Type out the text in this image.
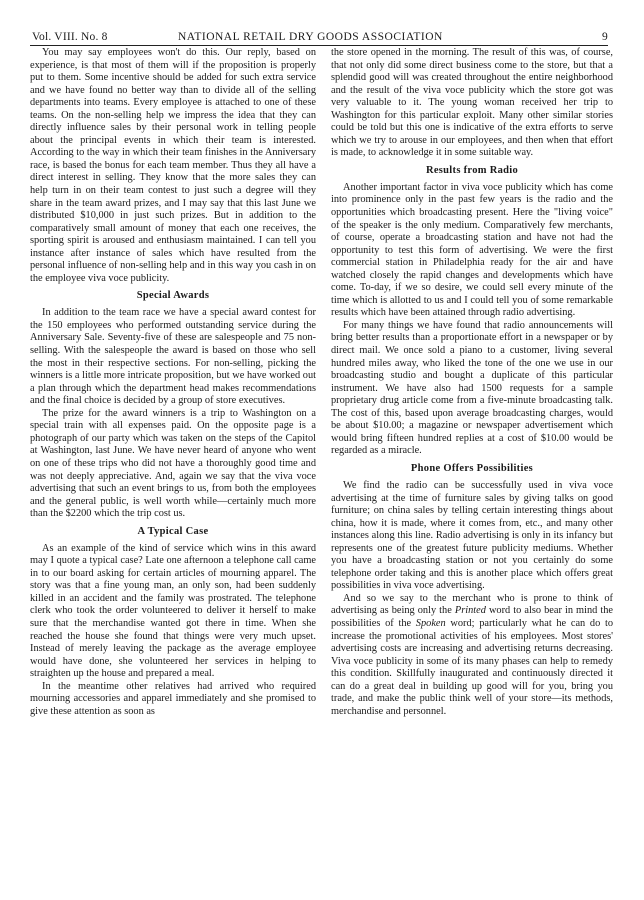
Vol. VIII. No. 8	NATIONAL RETAIL DRY GOODS ASSOCIATION	9

You may say employees won't do this. Our reply, based on experience, is that most of them will if the proposition is properly put to them. Some incentive should be added for such extra service and we have found no better way than to divide all of the selling departments into teams. Every employee is attached to one of these teams. On the non-selling help we impress the idea that they can directly influence sales by their personal work in telling people about the principal events in which their team is interested. According to the way in which their team finishes in the Anniversary race, is based the bonus for each team member. Thus they all have a direct interest in selling. They know that the more sales they can help turn in on their team contest to just such a degree will they share in the team award prizes, and I may say that this last June we distributed $10,000 in just such prizes. But in addition to the comparatively small amount of money that each one receives, the sporting spirit is aroused and enthusiasm maintained. I can tell you instance after instance of sales which have resulted from the personal influence of non-selling help and in this way you cash in on the employee viva voce publicity.

Special Awards

In addition to the team race we have a special award contest for the 150 employees who performed outstanding service during the Anniversary Sale. Seventy-five of these are salespeople and 75 non-selling. With the salespeople the award is based on those who sell the most in their respective sections. For non-selling, picking the winners is a little more intricate proposition, but we have worked out a plan through which the department head makes recommendations and the final choice is decided by a group of store executives.

The prize for the award winners is a trip to Washington on a special train with all expenses paid. On the opposite page is a photograph of our party which was taken on the steps of the Capitol at Washington, last June. We have never heard of anyone who went on one of these trips who did not have a thoroughly good time and was not deeply appreciative. And, again we say that the viva voce advertising that such an event brings to us, from both the employees and the general public, is well worth while—certainly much more than the $2200 which the trip cost us.

A Typical Case

As an example of the kind of service which wins in this award may I quote a typical case? Late one afternoon a telephone call came in to our board asking for certain articles of mourning apparel. The story was that a fine young man, an only son, had been suddenly killed in an accident and the family was prostrated. The telephone clerk who took the order volunteered to deliver it herself to make sure that the merchandise wanted got there in time. When she reached the house she found that things were very much upset. Instead of merely leaving the package as the average employee would have done, she volunteered her services in helping to straighten up the house and prepared a meal.

In the meantime other relatives had arrived who required mourning accessories and apparel immediately and she promised to give these attention as soon as

the store opened in the morning. The result of this was, of course, that not only did some direct business come to the store, but that a splendid good will was created throughout the entire neighborhood and the result of the viva voce publicity which the store got was very valuable to it. The young woman received her trip to Washington for this particular exploit. Many other similar stories could be told but this one is indicative of the extra efforts to serve which we try to arouse in our employees, and then when that effort is made, to acknowledge it in some suitable way.

Results from Radio

Another important factor in viva voce publicity which has come into prominence only in the past few years is the radio and the opportunities which broadcasting present. Here the "living voice" of the speaker is the only medium. Comparatively few merchants, of course, operate a broadcasting station and have not had the opportunity to test this form of advertising. We were the first commercial station in Philadelphia ready for the air and have watched closely the rapid changes and developments which have come. To-day, if we so desire, we could sell every minute of the time which is allotted to us and I could tell you of some remarkable results which have been attained through radio advertising.

For many things we have found that radio announcements will bring better results than a proportionate effort in a newspaper or by direct mail. We once sold a piano to a customer, living several hundred miles away, who liked the tone of the one we use in our broadcasting studio and bought a duplicate of this particular instrument. We have also had 1500 requests for a sample proprietary drug article come from a five-minute broadcasting talk. The cost of this, based upon average broadcasting charges, would be about $10.00; a magazine or newspaper advertisement which would bring fifteen hundred replies at a cost of $10.00 would be regarded as a miracle.

Phone Offers Possibilities

We find the radio can be successfully used in viva voce advertising at the time of furniture sales by giving talks on good furniture; on china sales by telling certain interesting things about china, how it is made, where it comes from, etc., and many other instances along this line. Radio advertising is only in its infancy but represents one of the greatest future publicity mediums. Whether you have a broadcasting station or not you certainly do some telephone order taking and this is another place which offers great possibilities in viva voce advertising.

And so we say to the merchant who is prone to think of advertising as being only the Printed word to also bear in mind the possibilities of the Spoken word; particularly what he can do to increase the promotional activities of his employees. Most stores' advertising costs are increasing and advertising returns decreasing. Viva voce publicity in some of its many phases can help to remedy this condition. Skillfully inaugurated and continuously directed it can do a great deal in building up good will for you, bring you trade, and make the public think well of your store—its methods, merchandise and personnel.
